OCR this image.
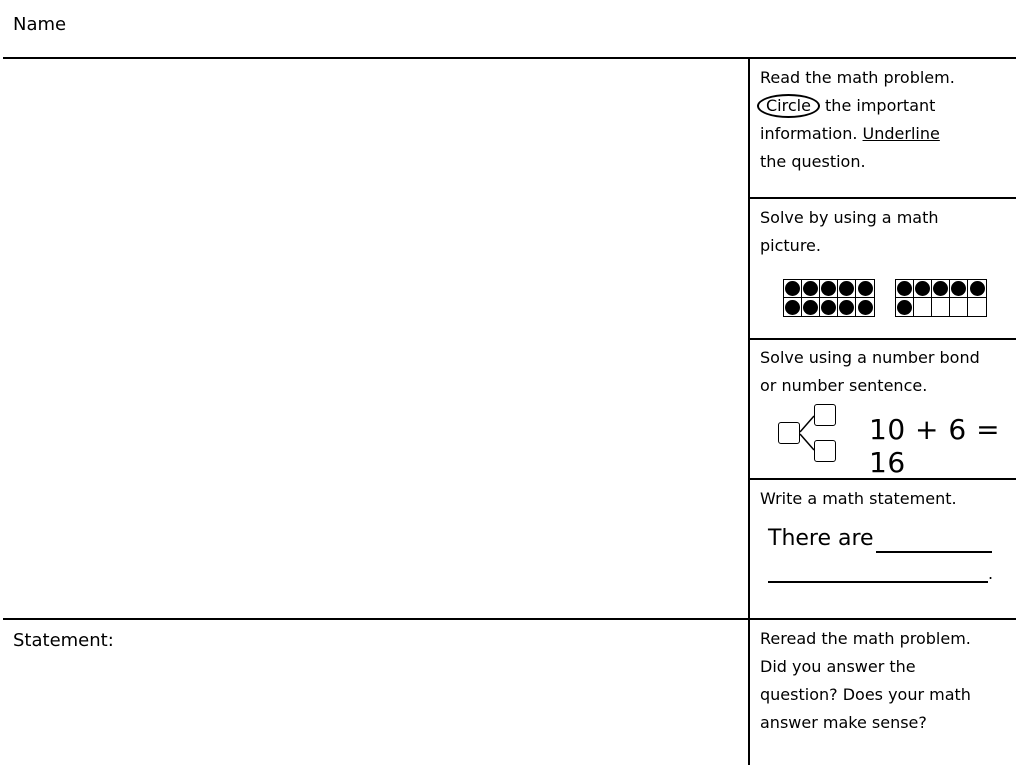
Name
Statement:
Read the math problem.
Circle the important
information. Underline
the question.
Solve by using a math
picture.
Solve using a number bond
or number sentence.
10 + 6 = 16
Write a math statement.
There are
.
Reread the math problem.
Did you answer the
question? Does your math
answer make sense?
